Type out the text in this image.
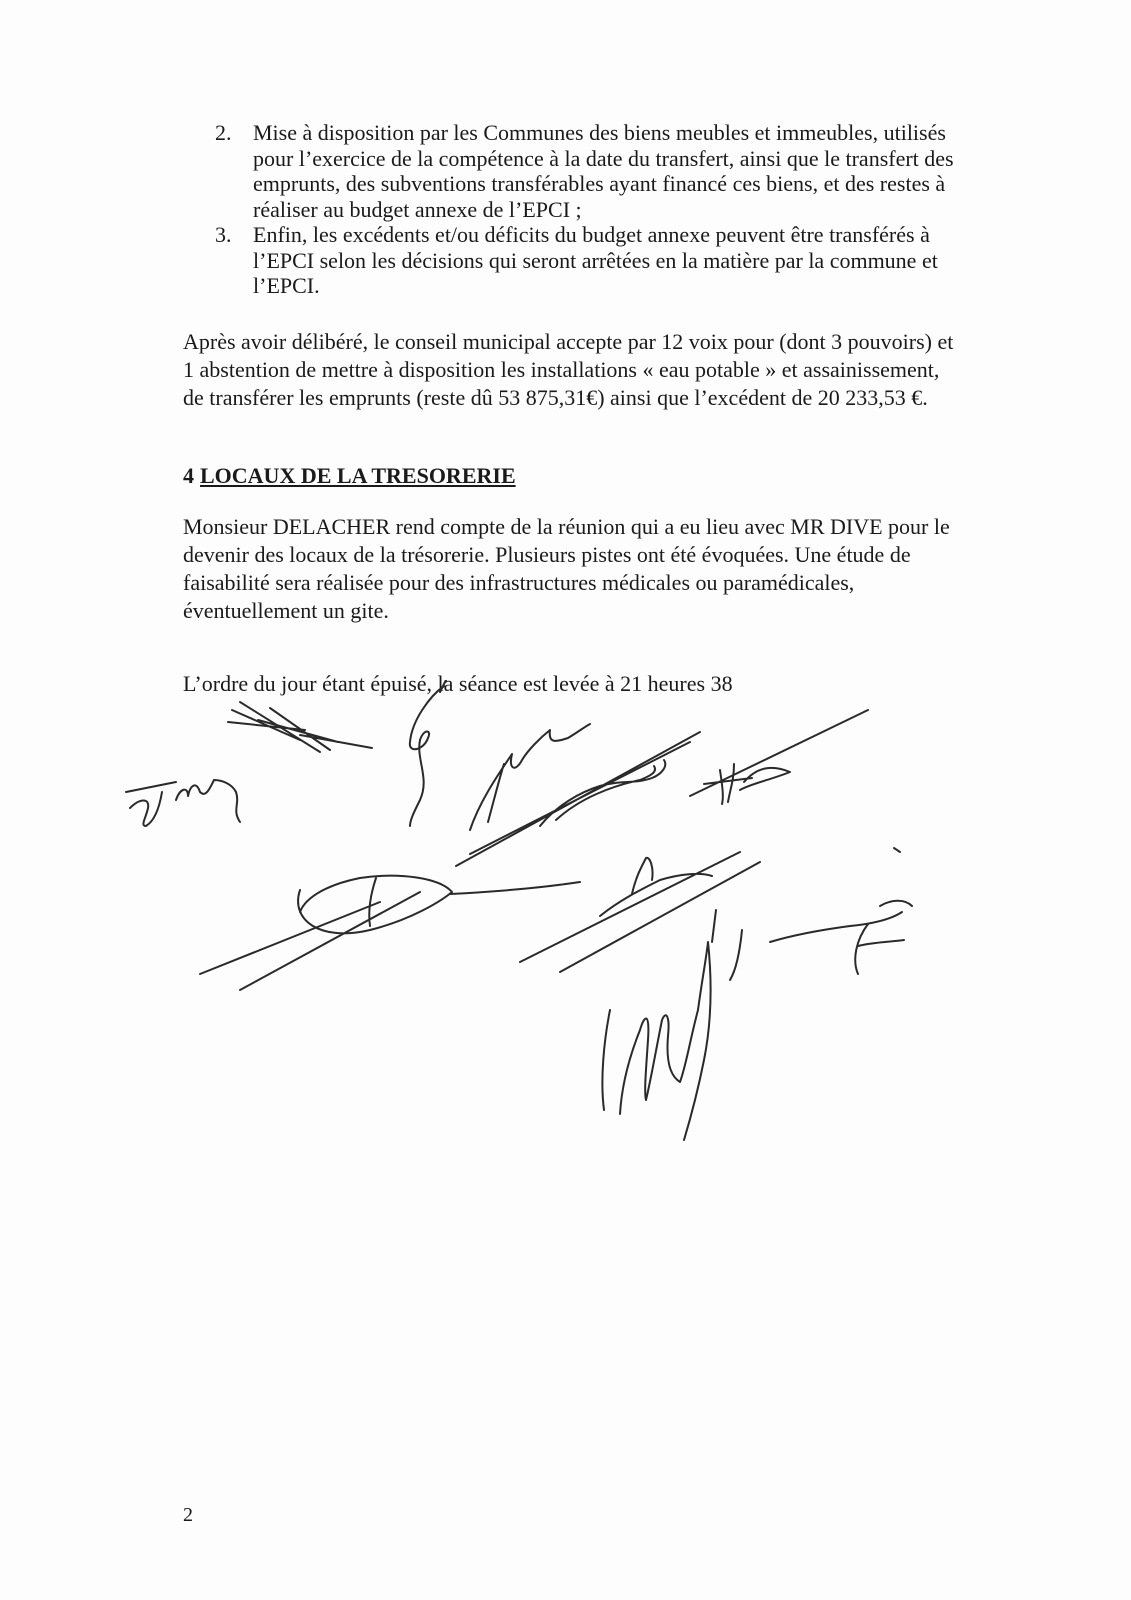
2. Mise à disposition par les Communes des biens meubles et immeubles, utilisés pour l’exercice de la compétence à la date du transfert, ainsi que le transfert des emprunts, des subventions transférables ayant financé ces biens, et des restes à réaliser au budget annexe de l’EPCI ;
3. Enfin, les excédents et/ou déficits du budget annexe peuvent être transférés à l’EPCI selon les décisions qui seront arrêtées en la matière par la commune et l’EPCI.

Après avoir délibéré, le conseil municipal accepte par 12 voix pour (dont 3 pouvoirs) et 1 abstention de mettre à disposition les installations « eau potable » et assainissement, de transférer les emprunts (reste dû 53 875,31€) ainsi que l’excédent de 20 233,53 €.

4 LOCAUX DE LA TRESORERIE

Monsieur DELACHER rend compte de la réunion qui a eu lieu avec MR DIVE pour le devenir des locaux de la trésorerie. Plusieurs pistes ont été évoquées. Une étude de faisabilité sera réalisée pour des infrastructures médicales ou paramédicales, éventuellement un gite.

L’ordre du jour étant épuisé, la séance est levée à 21 heures 38

2
